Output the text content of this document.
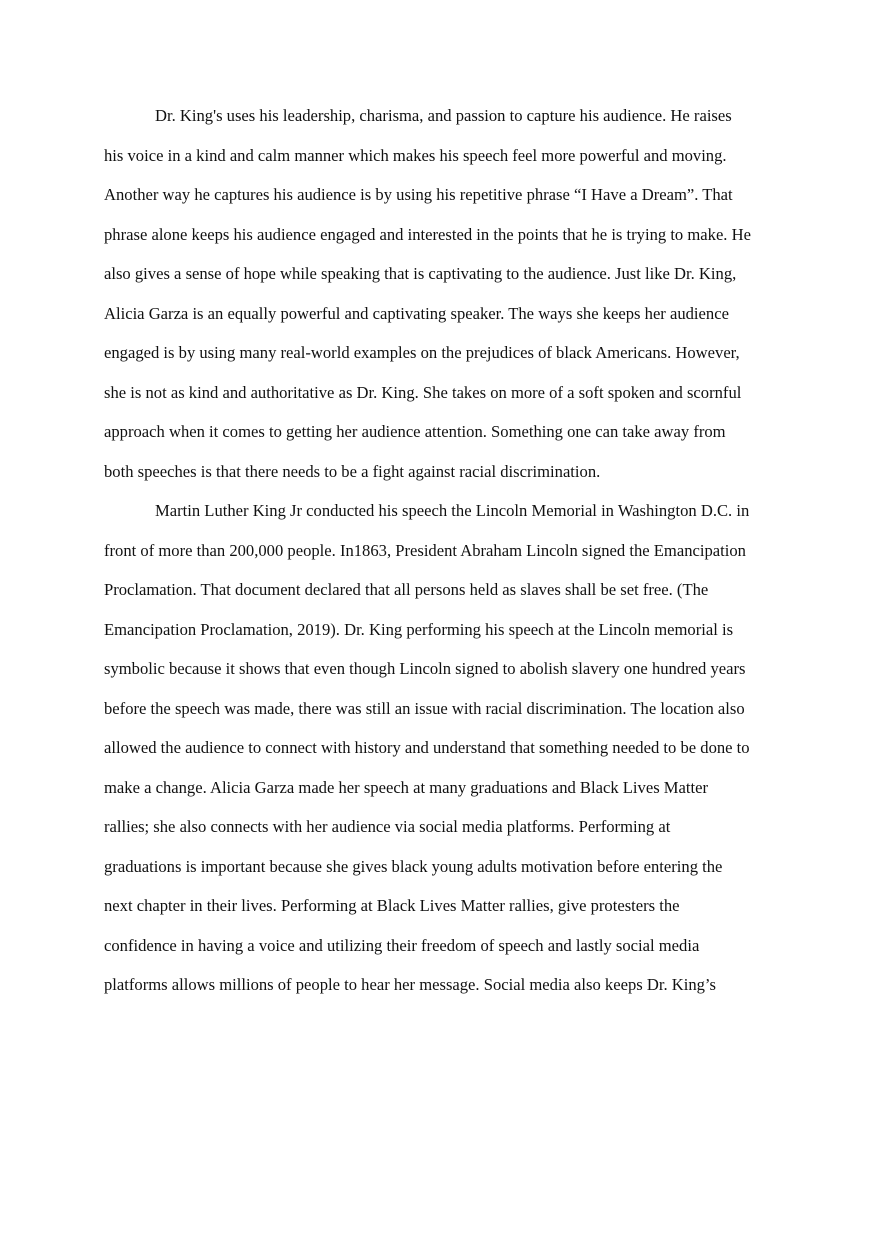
Dr. King's uses his leadership, charisma, and passion to capture his audience. He raises
his voice in a kind and calm manner which makes his speech feel more powerful and moving.
Another way he captures his audience is by using his repetitive phrase “I Have a Dream”. That
phrase alone keeps his audience engaged and interested in the points that he is trying to make. He
also gives a sense of hope while speaking that is captivating to the audience. Just like Dr. King,
Alicia Garza is an equally powerful and captivating speaker. The ways she keeps her audience
engaged is by using many real-world examples on the prejudices of black Americans. However,
she is not as kind and authoritative as Dr. King. She takes on more of a soft spoken and scornful
approach when it comes to getting her audience attention. Something one can take away from
both speeches is that there needs to be a fight against racial discrimination.
Martin Luther King Jr conducted his speech the Lincoln Memorial in Washington D.C. in
front of more than 200,000 people. In1863, President Abraham Lincoln signed the Emancipation
Proclamation. That document declared that all persons held as slaves shall be set free. (The
Emancipation Proclamation, 2019). Dr. King performing his speech at the Lincoln memorial is
symbolic because it shows that even though Lincoln signed to abolish slavery one hundred years
before the speech was made, there was still an issue with racial discrimination. The location also
allowed the audience to connect with history and understand that something needed to be done to
make a change. Alicia Garza made her speech at many graduations and Black Lives Matter
rallies; she also connects with her audience via social media platforms. Performing at
graduations is important because she gives black young adults motivation before entering the
next chapter in their lives. Performing at Black Lives Matter rallies, give protesters the
confidence in having a voice and utilizing their freedom of speech and lastly social media
platforms allows millions of people to hear her message. Social media also keeps Dr. King’s
